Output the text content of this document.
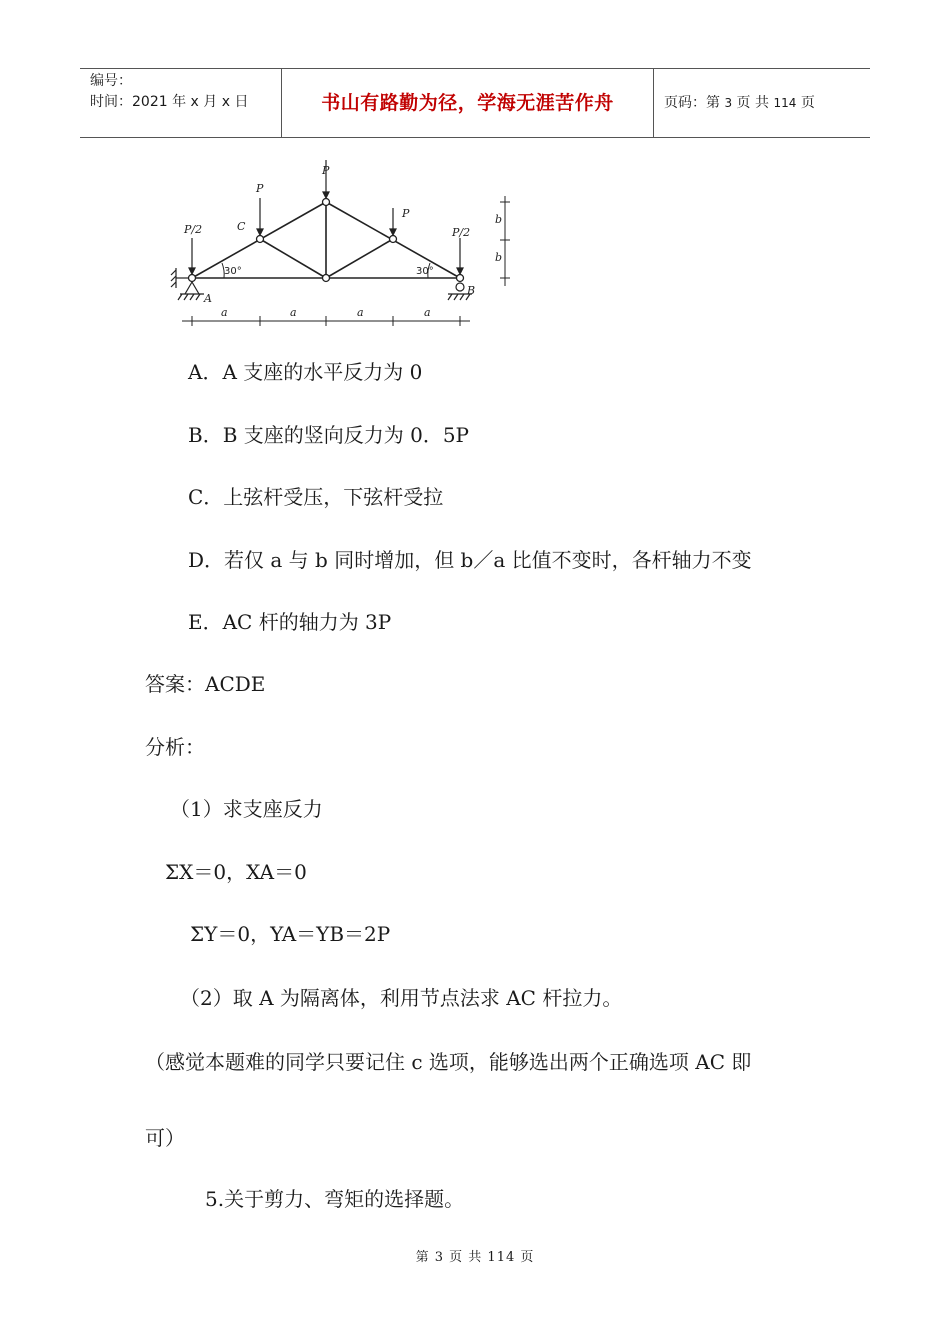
编号：
时间：2021 年 x 月 x 日	书山有路勤为径，学海无涯苦作舟	页码：第 3 页 共 114 页
P
P
P
P/2	P/2
C
A
B
a	a	a	a
b
b
30°	30°
A．A 支座的水平反力为 0
B．B 支座的竖向反力为 0．5P
C．上弦杆受压，下弦杆受拉
D．若仅 a 与 b 同时增加，但 b／a 比值不变时，各杆轴力不变
E．AC 杆的轴力为 3P
答案：ACDE
分析：
（1）求支座反力
ΣX＝0，XA＝0
ΣY＝0，YA＝YB＝2P
（2）取 A 为隔离体，利用节点法求 AC 杆拉力。
（感觉本题难的同学只要记住 c 选项，能够选出两个正确选项 AC 即
可）
5.关于剪力、弯矩的选择题。
第 3 页 共 114 页
